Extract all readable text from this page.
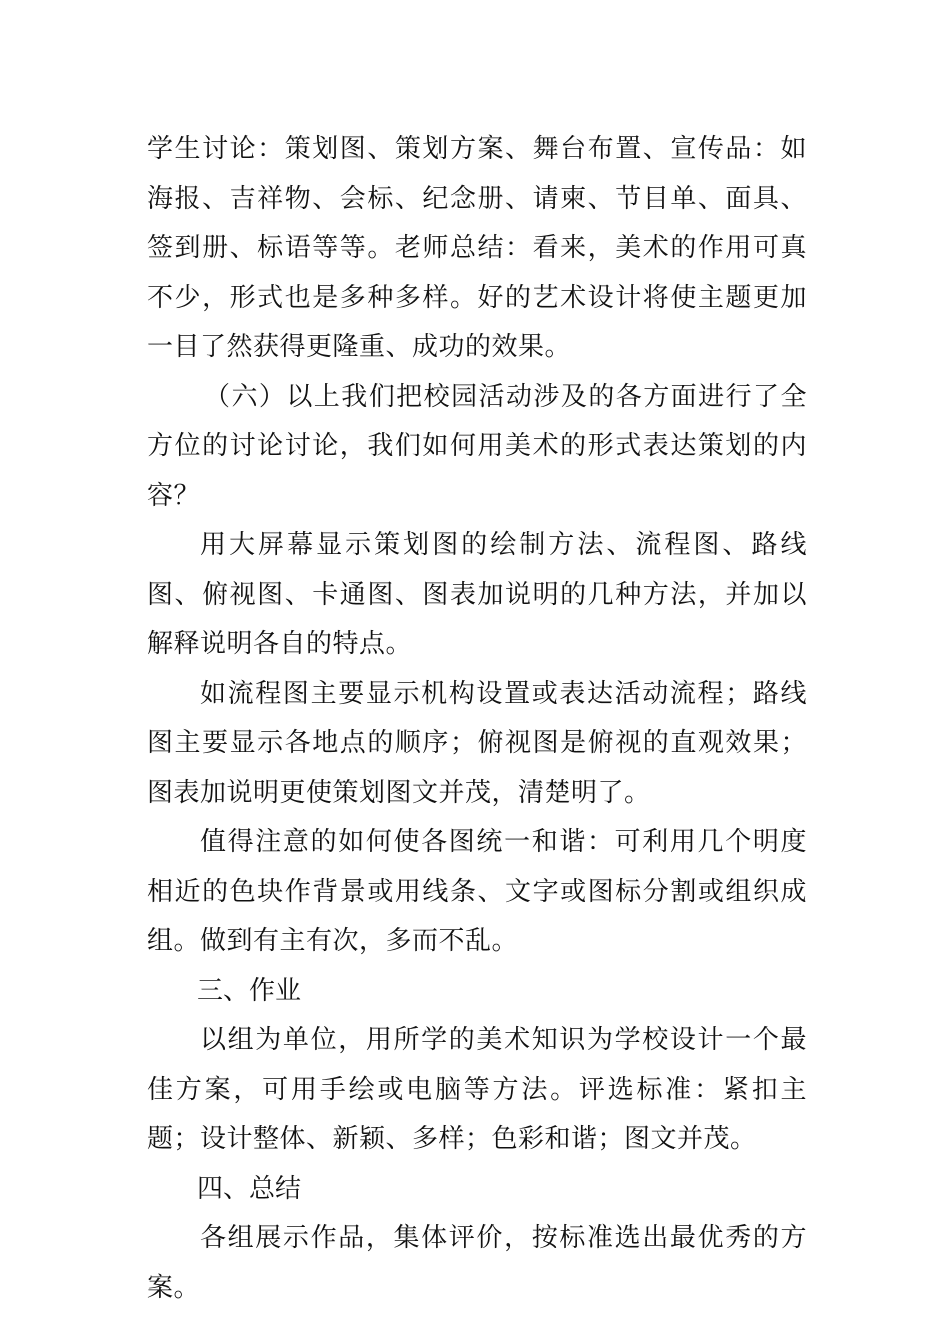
学生讨论：策划图、策划方案、舞台布置、宣传品：如海报、吉祥物、会标、纪念册、请柬、节目单、面具、签到册、标语等等。老师总结：看来，美术的作用可真不少，形式也是多种多样。好的艺术设计将使主题更加一目了然获得更隆重、成功的效果。

（六）以上我们把校园活动涉及的各方面进行了全方位的讨论讨论，我们如何用美术的形式表达策划的内容？

用大屏幕显示策划图的绘制方法、流程图、路线图、俯视图、卡通图、图表加说明的几种方法，并加以解释说明各自的特点。

如流程图主要显示机构设置或表达活动流程；路线图主要显示各地点的顺序；俯视图是俯视的直观效果；图表加说明更使策划图文并茂，清楚明了。

值得注意的如何使各图统一和谐：可利用几个明度相近的色块作背景或用线条、文字或图标分割或组织成组。做到有主有次，多而不乱。

三、作业

以组为单位，用所学的美术知识为学校设计一个最佳方案，可用手绘或电脑等方法。评选标准：紧扣主题；设计整体、新颖、多样；色彩和谐；图文并茂。

四、总结

各组展示作品，集体评价，按标准选出最优秀的方案。
